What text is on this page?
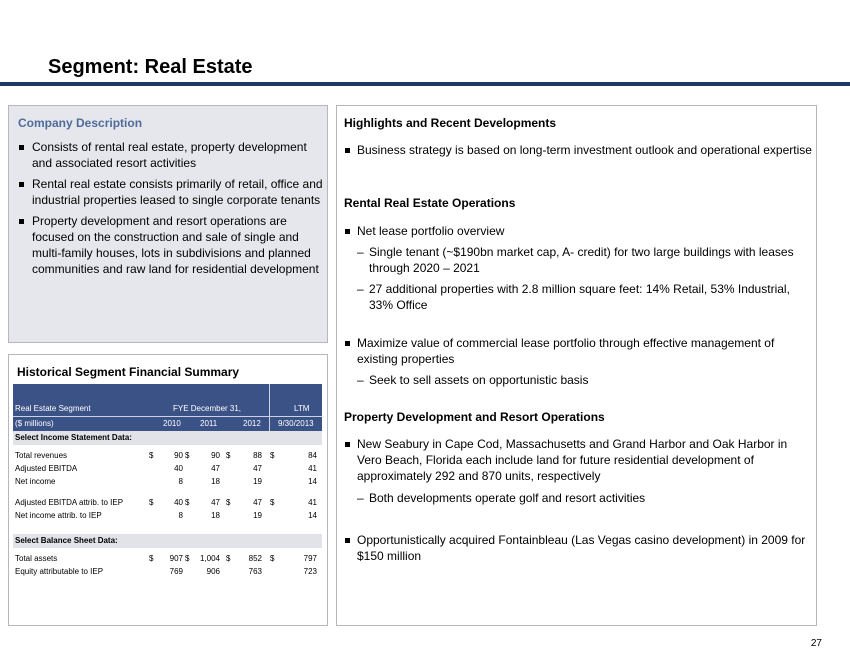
Segment: Real Estate
Company Description
Consists of rental real estate, property development and associated resort activities
Rental real estate consists primarily of retail, office and industrial properties leased to single corporate tenants
Property development and resort operations are focused on the construction and sale of single and multi-family houses, lots in subdivisions and planned communities and raw land for residential development
Historical Segment Financial Summary
Real Estate Segment	FYE December 31,	LTM
($ millions)	2010 2011	2012 9/30/2013
Select Income Statement Data:
Total revenues	$	90 $	90 $	88 $	84
Adjusted EBITDA	40	47	47	41
Net income	8	18	19	14
Adjusted EBITDA attrib. to IEP	$	40 $	47 $	47 $	41
Net income attrib. to IEP	8	18	19	14
Select Balance Sheet Data:
Total assets	$ 907 $ 1,004 $ 852 $	797
Equity attributable to IEP	769	906	763	723
Highlights and Recent Developments
Business strategy is based on long-term investment outlook and operational expertise
Rental Real Estate Operations
Net lease portfolio overview
– Single tenant (~$190bn market cap, A- credit) for two large buildings with leases through 2020 – 2021
– 27 additional properties with 2.8 million square feet: 14% Retail, 53% Industrial, 33% Office
Maximize value of commercial lease portfolio through effective management of existing properties
– Seek to sell assets on opportunistic basis
Property Development and Resort Operations
New Seabury in Cape Cod, Massachusetts and Grand Harbor and Oak Harbor in Vero Beach, Florida each include land for future residential development of approximately 292 and 870 units, respectively
– Both developments operate golf and resort activities
Opportunistically acquired Fontainbleau (Las Vegas casino development) in 2009 for $150 million
27
